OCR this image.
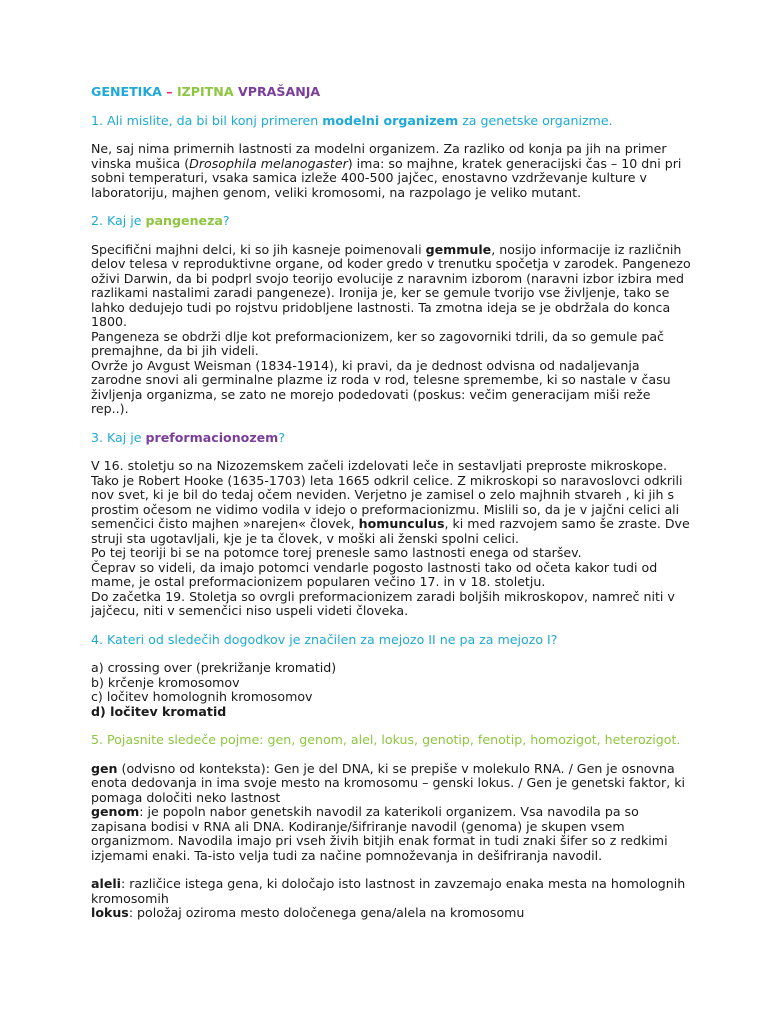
GENETIKA – IZPITNA VPRAŠANJA
1. Ali mislite, da bi bil konj primeren modelni organizem za genetske organizme.

Ne, saj nima primernih lastnosti za modelni organizem. Za razliko od konja pa jih na primer vinska mušica (Drosophila melanogaster) ima: so majhne, kratek generacijski čas – 10 dni pri sobni temperaturi, vsaka samica izleže 400-500 jajčec, enostavno vzdrževanje kulture v laboratoriju, majhen genom, veliki kromosomi, na razpolago je veliko mutant.

2. Kaj je pangeneza?

Specifični majhni delci, ki so jih kasneje poimenovali gemmule, nosijo informacije iz različnih delov telesa v reproduktivne organe, od koder gredo v trenutku spočetja v zarodek. Pangenezo oživi Darwin, da bi podprl svojo teorijo evolucije z naravnim izborom (naravni izbor izbira med razlikami nastalimi zaradi pangeneze). Ironija je, ker se gemule tvorijo vse življenje, tako se lahko dedujejo tudi po rojstvu pridobljene lastnosti. Ta zmotna ideja se je obdržala do konca 1800.

Pangeneza se obdrži dlje kot preformacionizem, ker so zagovorniki tdrili, da so gemule pač premajhne, da bi jih videli.

Ovrže jo Avgust Weisman (1834-1914), ki pravi, da je dednost odvisna od nadaljevanja zarodne snovi ali germinalne plazme iz roda v rod, telesne spremembe, ki so nastale v času življenja organizma, se zato ne morejo podedovati (poskus: večim generacijam miši reže rep..).

3. Kaj je preformacionozem?

V 16. stoletju so na Nizozemskem začeli izdelovati leče in sestavljati preproste mikroskope. Tako je Robert Hooke (1635-1703) leta 1665 odkril celice. Z mikroskopi so naravoslovci odkrili nov svet, ki je bil do tedaj očem neviden. Verjetno je zamisel o zelo majhnih stvareh , ki jih s prostim očesom ne vidimo vodila v idejo o preformacionizmu. Mislili so, da je v jajčni celici ali semenčici čisto majhen »narejen« človek, homunculus, ki med razvojem samo še zraste. Dve struji sta ugotavljali, kje je ta človek, v moški ali ženski spolni celici.

Po tej teoriji bi se na potomce torej prenesle samo lastnosti enega od staršev.

Čeprav so videli, da imajo potomci vendarle pogosto lastnosti tako od očeta kakor tudi od mame, je ostal preformacionizem popularen večino 17. in v 18. stoletju.

Do začetka 19. Stoletja so ovrgli preformacionizem zaradi boljših mikroskopov, namreč niti v jajčecu, niti v semenčici niso uspeli videti človeka.

4. Kateri od sledečih dogodkov je značilen za mejozo II ne pa za mejozo I?

a) crossing over (prekrižanje kromatid)

b) krčenje kromosomov

c) ločitev homolognih kromosomov

d) ločitev kromatid

5. Pojasnite sledeče pojme: gen, genom, alel, lokus, genotip, fenotip, homozigot, heterozigot.

gen (odvisno od konteksta): Gen je del DNA, ki se prepiše v molekulo RNA. / Gen je osnovna enota dedovanja in ima svoje mesto na kromosomu – genski lokus. / Gen je genetski faktor, ki pomaga določiti neko lastnost

genom: je popoln nabor genetskih navodil za katerikoli organizem. Vsa navodila pa so zapisana bodisi v RNA ali DNA. Kodiranje/šifriranje navodil (genoma) je skupen vsem organizmom. Navodila imajo pri vseh živih bitjih enak format in tudi znaki šifer so z redkimi izjemami enaki. Ta-isto velja tudi za načine pomnoževanja in dešifriranja navodil.

aleli: različice istega gena, ki določajo isto lastnost in zavzemajo enaka mesta na homolognih kromosomih

lokus: položaj oziroma mesto določenega gena/alela na kromosomu
